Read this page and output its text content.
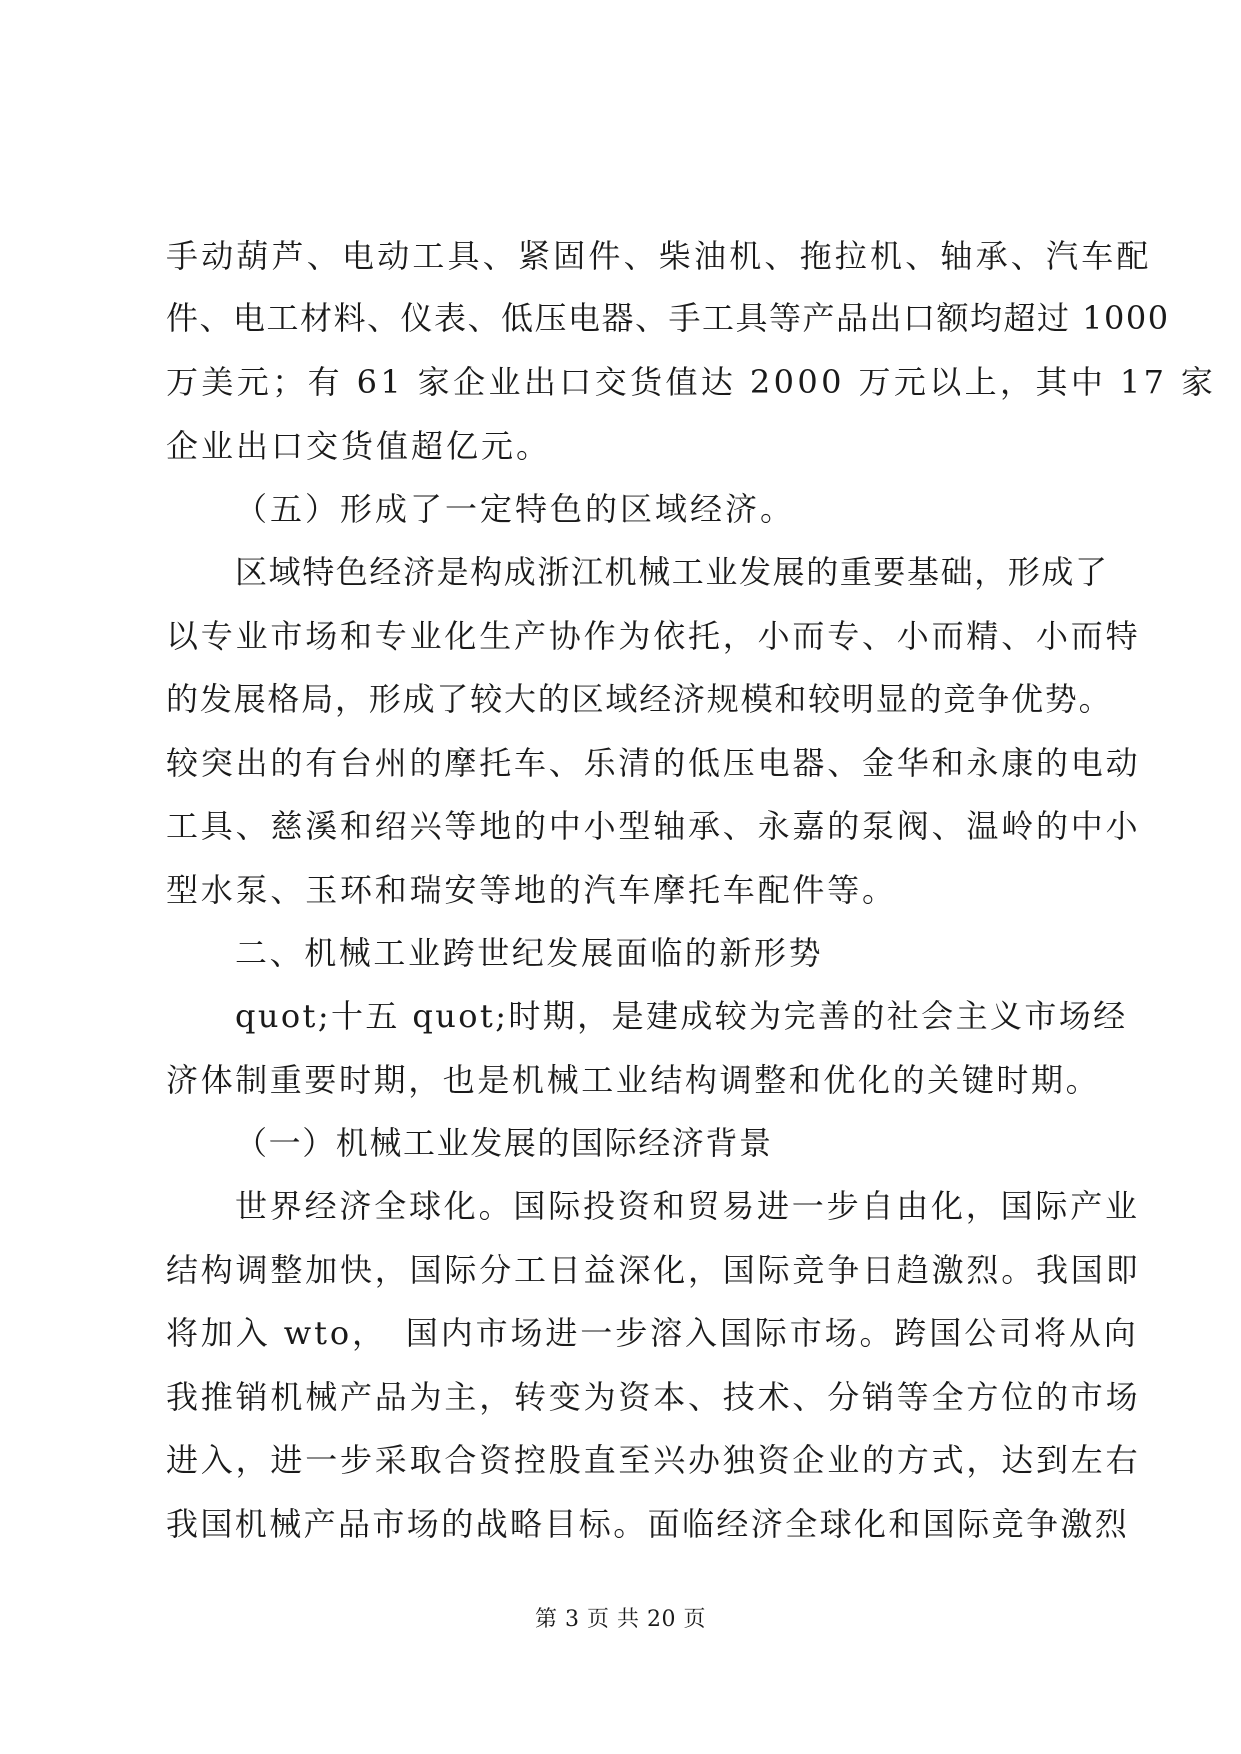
手动葫芦、电动工具、紧固件、柴油机、拖拉机、轴承、汽车配
件、电工材料、仪表、低压电器、手工具等产品出口额均超过 1000
万美元；有 61 家企业出口交货值达 2000 万元以上，其中 17 家
企业出口交货值超亿元。
（五）形成了一定特色的区域经济。
区域特色经济是构成浙江机械工业发展的重要基础，形成了
以专业市场和专业化生产协作为依托，小而专、小而精、小而特
的发展格局，形成了较大的区域经济规模和较明显的竞争优势。
较突出的有台州的摩托车、乐清的低压电器、金华和永康的电动
工具、慈溪和绍兴等地的中小型轴承、永嘉的泵阀、温岭的中小
型水泵、玉环和瑞安等地的汽车摩托车配件等。
二、机械工业跨世纪发展面临的新形势
quot;十五 quot;时期，是建成较为完善的社会主义市场经
济体制重要时期，也是机械工业结构调整和优化的关键时期。
（一）机械工业发展的国际经济背景
世界经济全球化。国际投资和贸易进一步自由化，国际产业
结构调整加快，国际分工日益深化，国际竞争日趋激烈。我国即
将加入 wto，　国内市场进一步溶入国际市场。跨国公司将从向
我推销机械产品为主，转变为资本、技术、分销等全方位的市场
进入，进一步采取合资控股直至兴办独资企业的方式，达到左右
我国机械产品市场的战略目标。面临经济全球化和国际竞争激烈
第 3 页 共 20 页
